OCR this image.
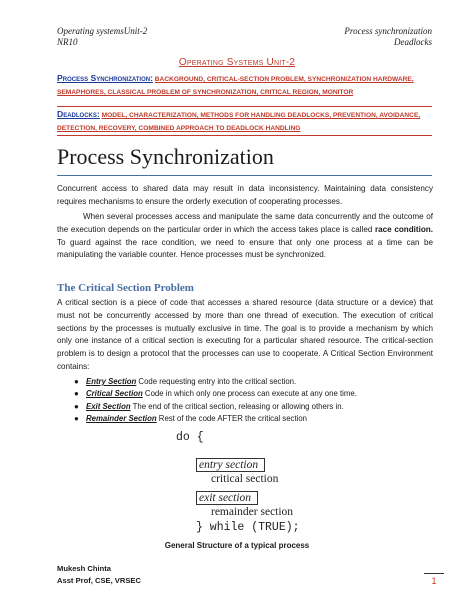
Operating systemsUnit-2
NR10
Process synchronization
Deadlocks
Operating Systems Unit-2
Process Synchronization: BACKGROUND, CRITICAL-SECTION PROBLEM, SYNCHRONIZATION HARDWARE, SEMAPHORES, CLASSICAL PROBLEM OF SYNCHRONIZATION, CRITICAL REGION, MONITOR
Deadlocks: MODEL, CHARACTERIZATION, METHODS FOR HANDLING DEADLOCKS, PREVENTION, AVOIDANCE, DETECTION, RECOVERY, COMBINED APPROACH TO DEADLOCK HANDLING
Process Synchronization
Concurrent access to shared data may result in data inconsistency. Maintaining data consistency requires mechanisms to ensure the orderly execution of cooperating processes.
When several processes access and manipulate the same data concurrently and the outcome of the execution depends on the particular order in which the access takes place is called race condition. To guard against the race condition, we need to ensure that only one process at a time can be manipulating the variable counter. Hence processes must be synchronized.
The Critical Section Problem
A critical section is a piece of code that accesses a shared resource (data structure or a device) that must not be concurrently accessed by more than one thread of execution. The execution of critical sections by the processes is mutually exclusive in time. The goal is to provide a mechanism by which only one instance of a critical section is executing for a particular shared resource. The critical-section problem is to design a protocol that the processes can use to cooperate. A Critical Section Environment contains:
● Entry Section Code requesting entry into the critical section.
● Critical Section Code in which only one process can execute at any one time.
● Exit Section The end of the critical section, releasing or allowing others in.
● Remainder Section Rest of the code AFTER the critical section
do {
entry section
critical section
exit section
remainder section
} while (TRUE);
General Structure of a typical process
Mukesh Chinta
Asst Prof, CSE, VRSEC	1
